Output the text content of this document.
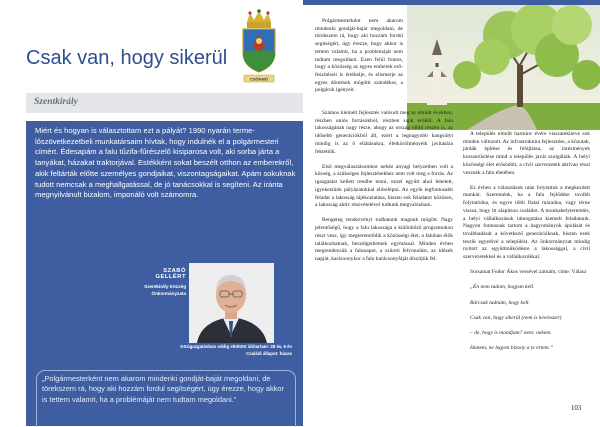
Csak van, hogy sikerül
CSÖKMŐ
Szentkirály

Miért és hogyan is választottam ezt a pályát? 1990 nyarán termelőszövetkezetbeli munkatársaim hívtak, hogy indulnék el a polgármesteri címért. Édesapám a falu tűzifa-fűrészelő kisiparosa volt, aki sorba járta a tanyákat, házakat traktorjával. Estékként sokat beszélt otthon az emberekről, akik feltárták előtte személyes gondjaikat, viszontagságaikat. Apám sokuknak tudott nemcsak a meghallgatással, de jó tanácsokkal is segíteni. Az iránta megnyilvánult bizalom, imponáló volt számomra.

SZABÓ GELLÉRT
Szentkirály Község Önkormányzata
Közigazgatásban eddig eltöltött időtartam: 28 év, 6 év
Családi állapot: házas

„Polgármesterként nem akarom mindenki gondját-baját megoldani, de törekszem rá, hogy aki hozzám fordul segítségért, úgy érezze, hogy akkor is tettem valamit, ha a problémáját nem tudtam megoldani.”

Polgármesterként nem akarom mindenki gondját-bajár megoldani, de törekszem rá, hogy aki hozzám fordul segítségért, úgy érezze, hogy akkor is tettem valamit, ha a problémáját nem tudtam megoldani. Ezen felül fontos, hogy a közösség az egyes emberek erőfeszítéseit is értékelje, és elismerje az egyes döntések mögötti szándékot, a polgárok igényeit.

Számos kiemelt fejlesztés valósult meg az elmúlt években, részben uniós forrásokból, részben saját erőből. A falu lakosságának nagy része, ahogy az ország többi részén is, az idősebb generációkból áll, ezért a legnagyobb hangsúlyt mindig is az ő ellátásukra, életkörülményeik javítására fektettük.

Első megválasztásomkor nehéz anyagi helyzetben volt a község, a szükséges fejlesztésekhez nem volt meg a forrás. Az igazgatást kellett rendbe tenni, ezzel együtt ahol lehetett, igyekeztünk pályázatokkal előrelépni. Az egyik legfontosabb feladat a lakosság tájékoztatása, hiszen sok feladatot közösen, a lakosság aktív részvételével tudtunk megvalósítani.

Rengeteg rendezvényt tudhatunk magunk mögött. Nagy jelentőségű, hogy a falu lakossága a különböző programokon részt vesz, így megteremtődik a közösségi élet, a faluban élők találkozhatnak, beszélgethetnek egymással. Minden évben megrendezzük a falunapot, a szüreti felvonulást, az idősek napját, karácsonykor a falu karácsonyfáját díszítjük fel.

A település elmúlt harminc évére visszatekintve sok minden változott. Az infrastruktúra fejlesztése, a közutak, járdák építése és felújítása, az intézmények korszerűsítése mind a település javát szolgálták. A helyi közösségi élet erősödött, a civil szervezetek aktívan részt vesznek a falu életében.

Ez évben a választások után folytattuk a megkezdett munkát. Szeretnénk, ha a falu fejlődése tovább folytatódna, és egyre több fiatal maradna, vagy térne vissza, hogy itt alapítson családot. A munkahelyteremtés, a helyi vállalkozások támogatása kiemelt feladatunk. Nagyon fontosnak tartom a hagyományok ápolását és továbbadását a következő generációknak, hiszen ezek teszik egyedivé a települést. Az önkormányzat mindig nyitott az együttműködésre a lakossággal, a civil szervezetekkel és a vállalkozókkal.

Sorsainat Fodor Ákos versével zárnám, címe: Válasz

„Én nem tudom, hogyan kell.

Bárcsak tudnám, hogy kell.

Csak van, hogy sikerül (nem is kevésszer)

– de, hogy is mondjam? nem: nekem.

Hanem, ne legyen bizony a te értem.”

103
